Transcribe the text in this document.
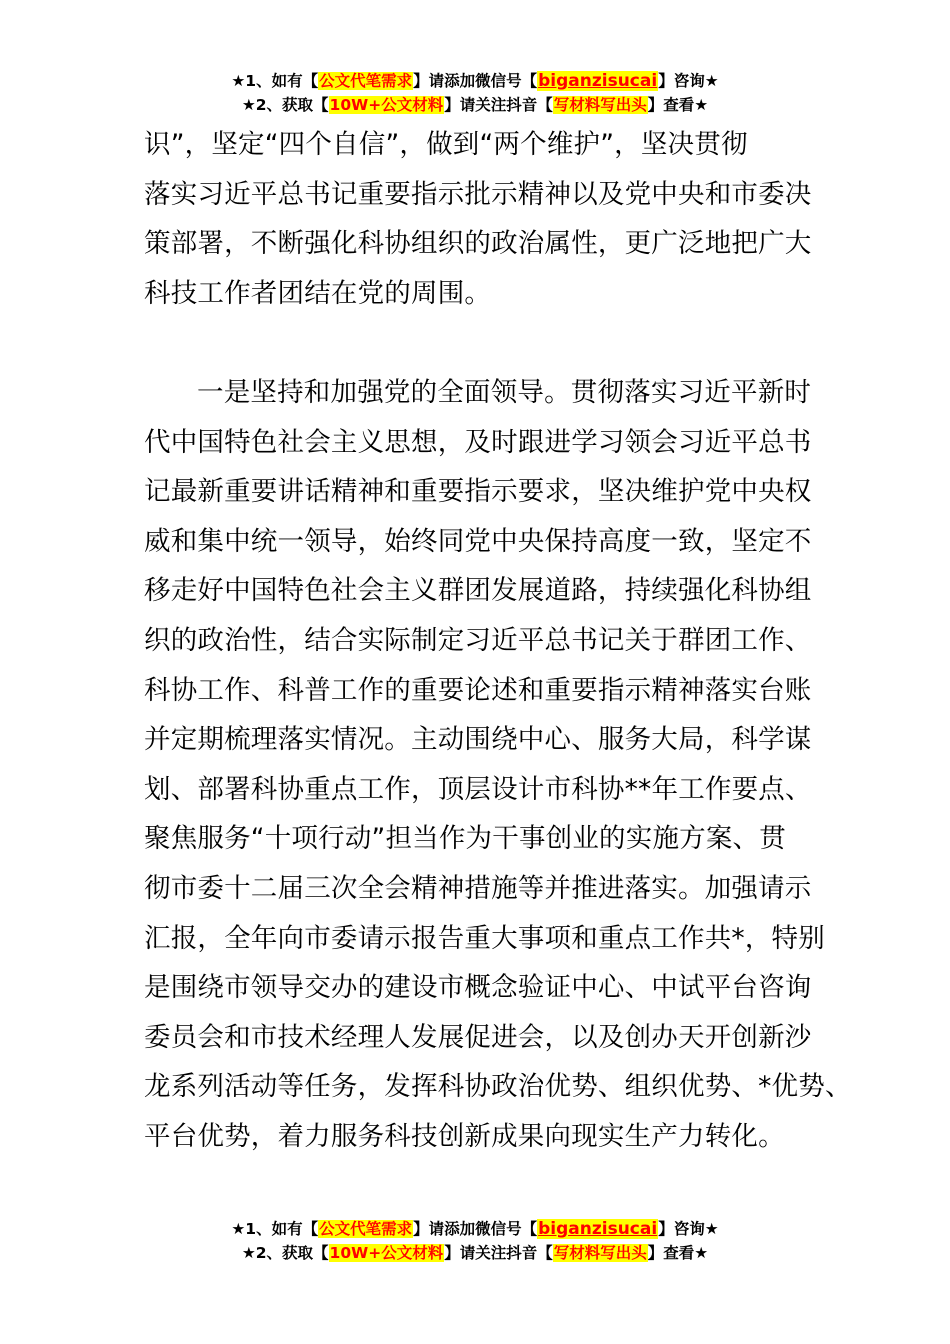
★1、如有【公文代笔需求】请添加微信号【biganzisucai】咨询★
★2、获取【10W+公文材料】请关注抖音【写材料写出头】查看★

识”，坚定“四个自信”，做到“两个维护”，坚决贯彻
落实习近平总书记重要指示批示精神以及党中央和市委决
策部署，不断强化科协组织的政治属性，更广泛地把广大
科技工作者团结在党的周围。

一是坚持和加强党的全面领导。贯彻落实习近平新时
代中国特色社会主义思想，及时跟进学习领会习近平总书
记最新重要讲话精神和重要指示要求，坚决维护党中央权
威和集中统一领导，始终同党中央保持高度一致，坚定不
移走好中国特色社会主义群团发展道路，持续强化科协组
织的政治性，结合实际制定习近平总书记关于群团工作、
科协工作、科普工作的重要论述和重要指示精神落实台账
并定期梳理落实情况。主动围绕中心、服务大局，科学谋
划、部署科协重点工作，顶层设计市科协**年工作要点、
聚焦服务“十项行动”担当作为干事创业的实施方案、贯
彻市委十二届三次全会精神措施等并推进落实。加强请示
汇报，全年向市委请示报告重大事项和重点工作共*，特别
是围绕市领导交办的建设市概念验证中心、中试平台咨询
委员会和市技术经理人发展促进会，以及创办天开创新沙
龙系列活动等任务，发挥科协政治优势、组织优势、*优势、
平台优势，着力服务科技创新成果向现实生产力转化。

★1、如有【公文代笔需求】请添加微信号【biganzisucai】咨询★
★2、获取【10W+公文材料】请关注抖音【写材料写出头】查看★
